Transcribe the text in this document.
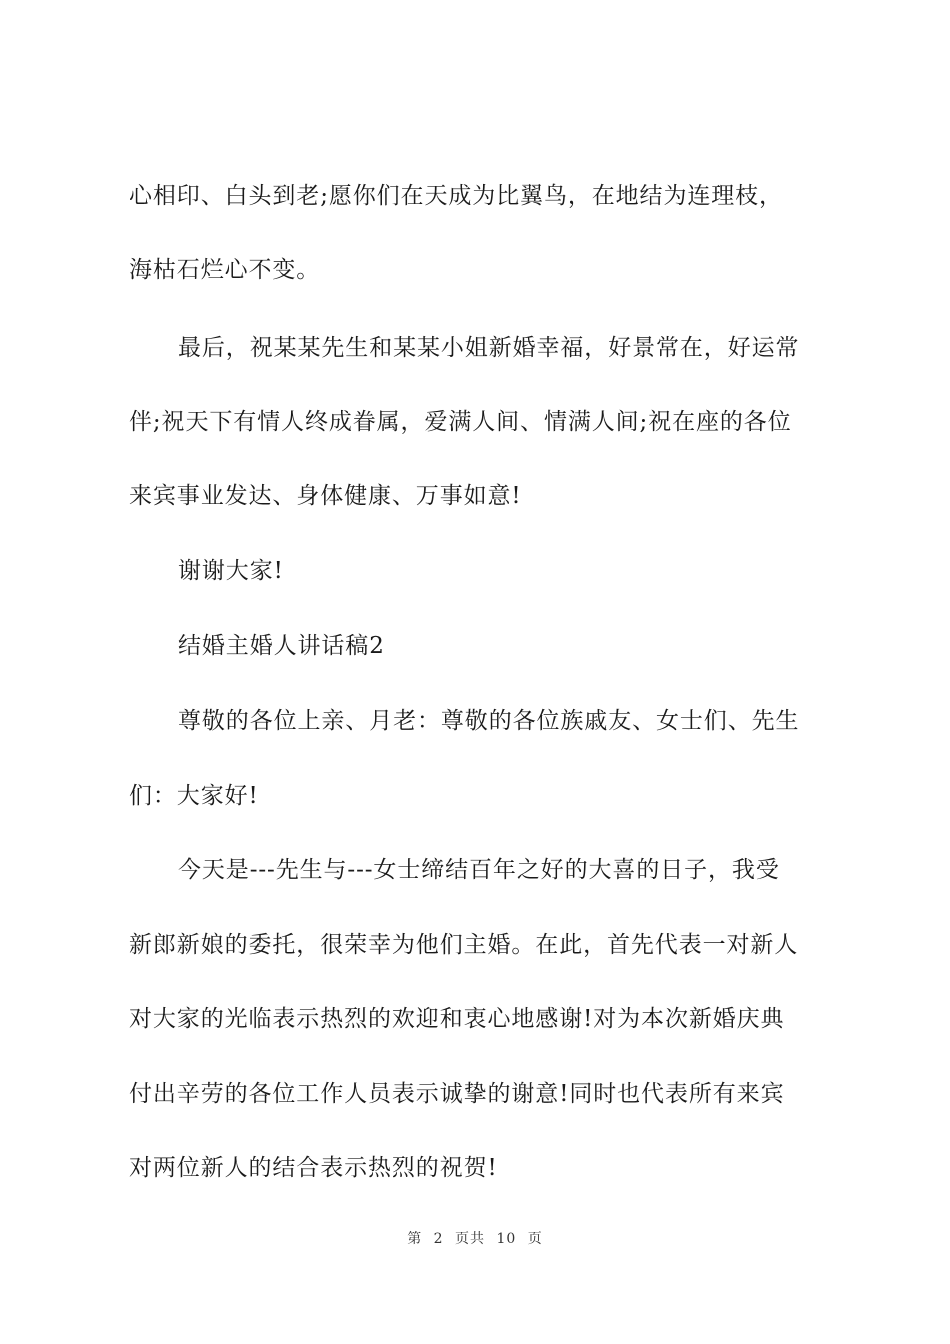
心相印、白头到老;愿你们在天成为比翼鸟，在地结为连理枝，
海枯石烂心不变。
最后，祝某某先生和某某小姐新婚幸福，好景常在，好运常
伴;祝天下有情人终成眷属，爱满人间、情满人间;祝在座的各位
来宾事业发达、身体健康、万事如意!
谢谢大家!
结婚主婚人讲话稿2
尊敬的各位上亲、月老：尊敬的各位族戚友、女士们、先生
们：大家好!
今天是---先生与---女士缔结百年之好的大喜的日子，我受
新郎新娘的委托，很荣幸为他们主婚。在此，首先代表一对新人
对大家的光临表示热烈的欢迎和衷心地感谢!对为本次新婚庆典
付出辛劳的各位工作人员表示诚挚的谢意!同时也代表所有来宾
对两位新人的结合表示热烈的祝贺!
第 2 页共 10 页
